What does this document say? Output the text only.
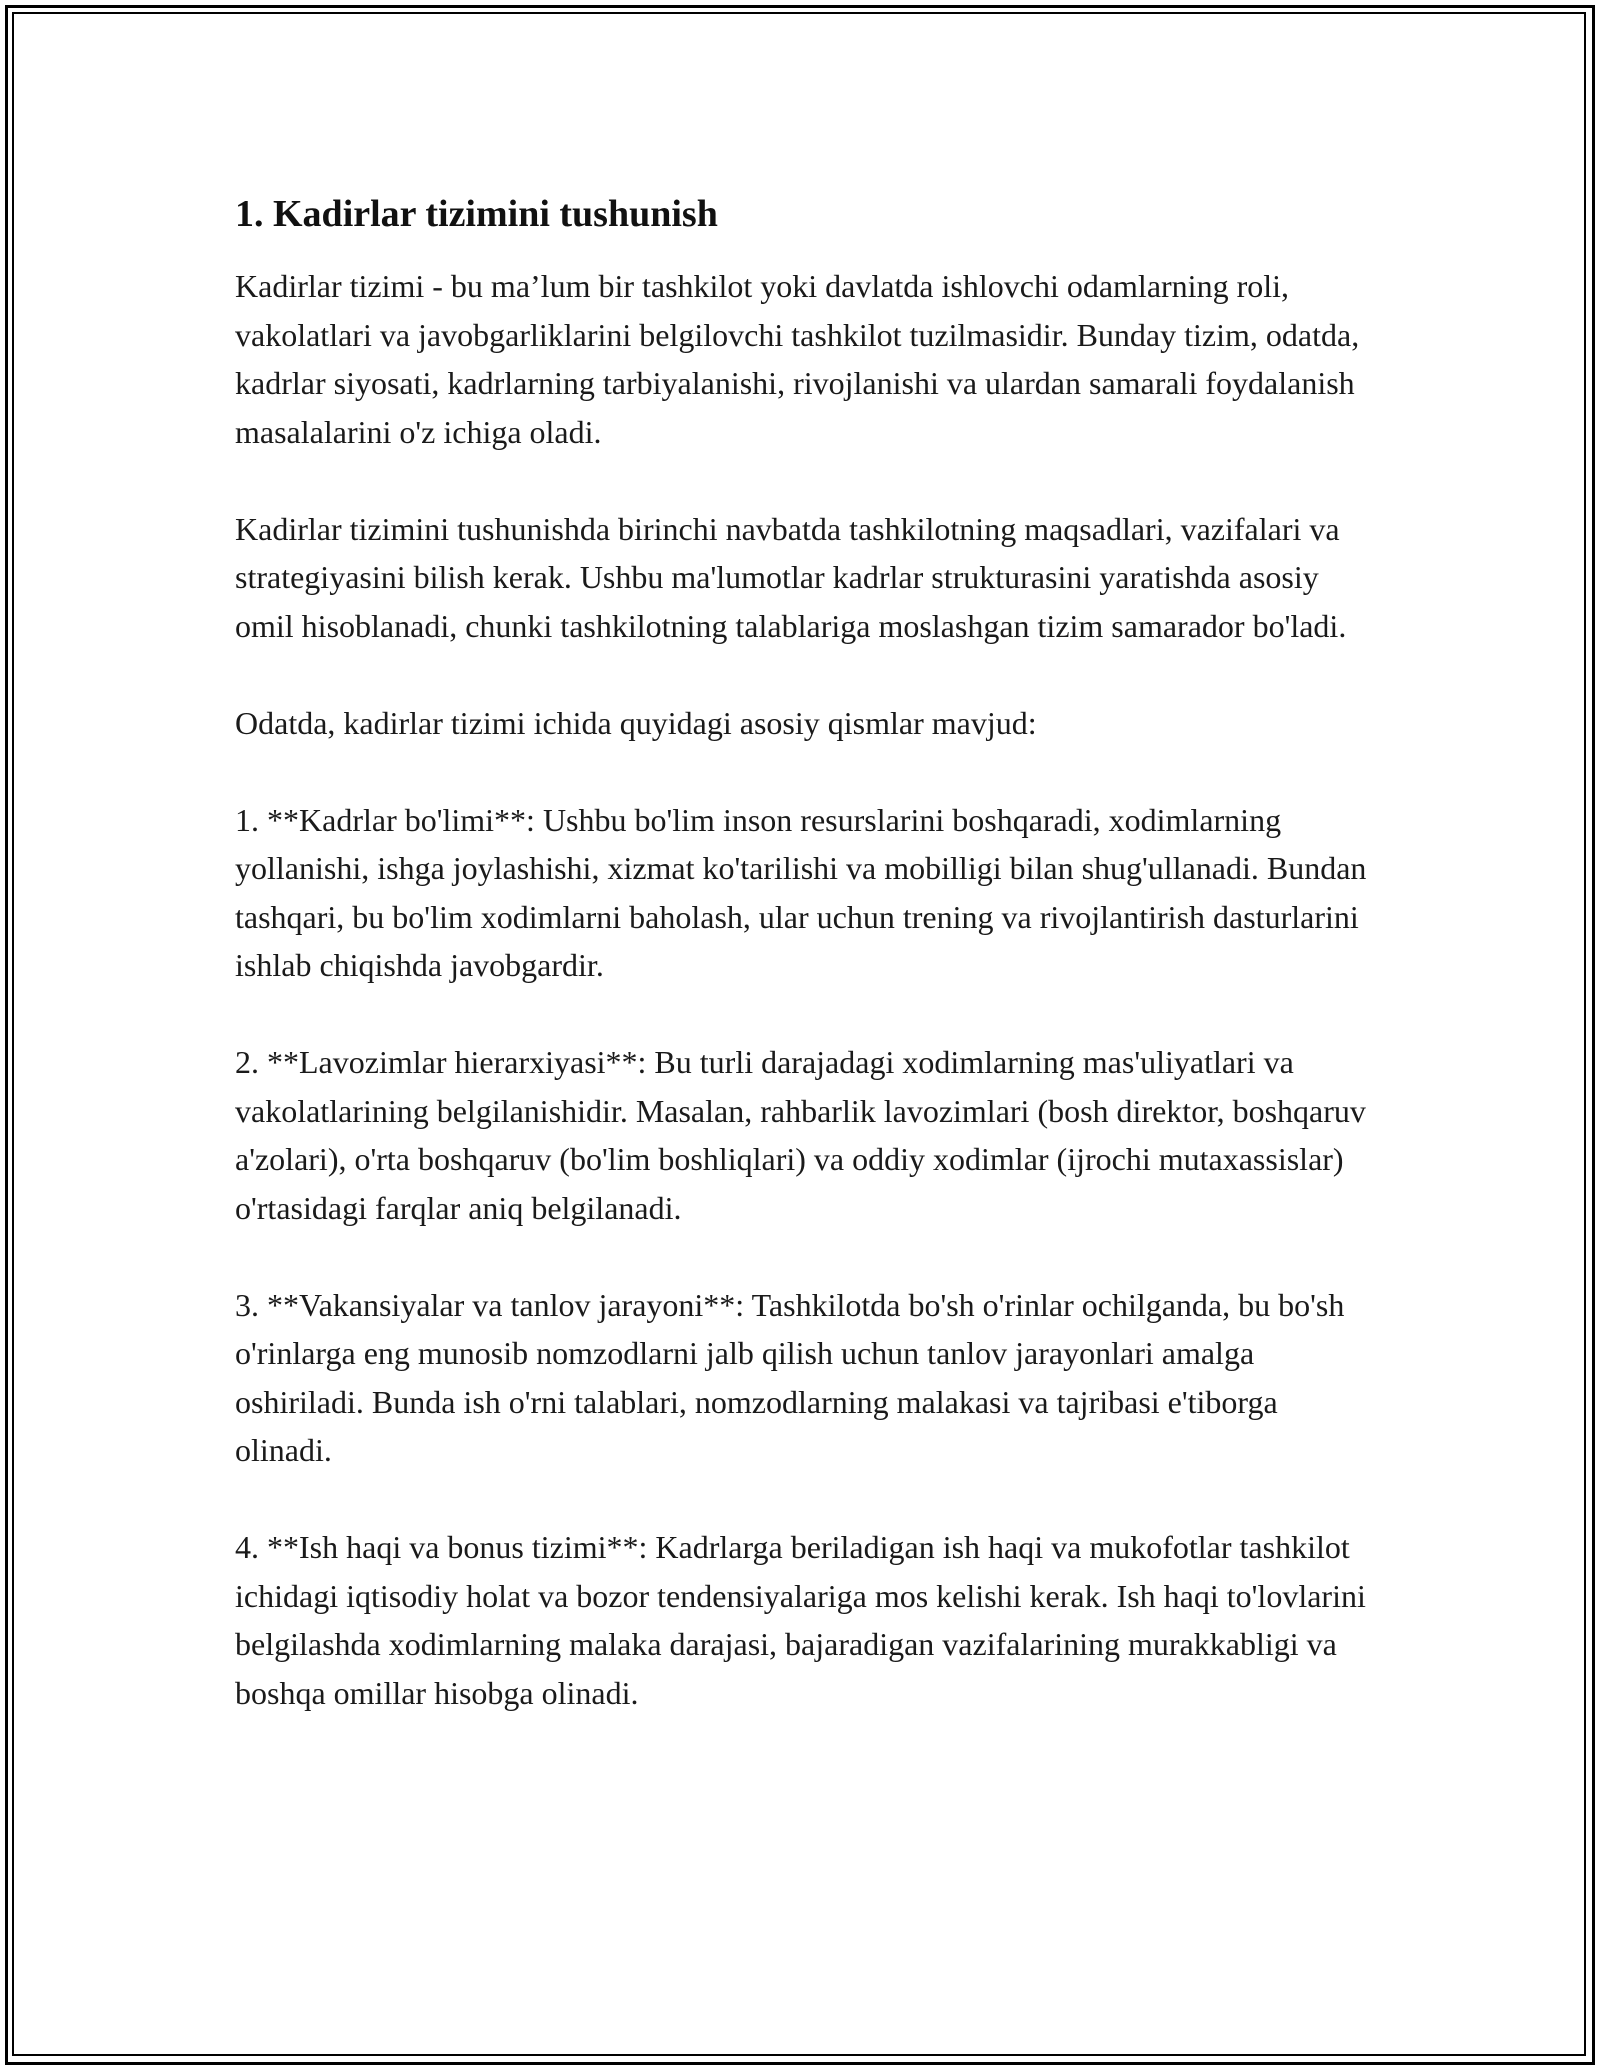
1. Kadirlar tizimini tushunish

Kadirlar tizimi - bu ma’lum bir tashkilot yoki davlatda ishlovchi odamlarning roli, vakolatlari va javobgarliklarini belgilovchi tashkilot tuzilmasidir. Bunday tizim, odatda, kadrlar siyosati, kadrlarning tarbiyalanishi, rivojlanishi va ulardan samarali foydalanish masalalarini o'z ichiga oladi.

Kadirlar tizimini tushunishda birinchi navbatda tashkilotning maqsadlari, vazifalari va strategiyasini bilish kerak. Ushbu ma'lumotlar kadrlar strukturasini yaratishda asosiy omil hisoblanadi, chunki tashkilotning talablariga moslashgan tizim samarador bo'ladi.

Odatda, kadirlar tizimi ichida quyidagi asosiy qismlar mavjud:

1. **Kadrlar bo'limi**: Ushbu bo'lim inson resurslarini boshqaradi, xodimlarning yollanishi, ishga joylashishi, xizmat ko'tarilishi va mobilligi bilan shug'ullanadi. Bundan tashqari, bu bo'lim xodimlarni baholash, ular uchun trening va rivojlantirish dasturlarini ishlab chiqishda javobgardir.

2. **Lavozimlar hierarxiyasi**: Bu turli darajadagi xodimlarning mas'uliyatlari va vakolatlarining belgilanishidir. Masalan, rahbarlik lavozimlari (bosh direktor, boshqaruv a'zolari), o'rta boshqaruv (bo'lim boshliqlari) va oddiy xodimlar (ijrochi mutaxassislar) o'rtasidagi farqlar aniq belgilanadi.

3. **Vakansiyalar va tanlov jarayoni**: Tashkilotda bo'sh o'rinlar ochilganda, bu bo'sh o'rinlarga eng munosib nomzodlarni jalb qilish uchun tanlov jarayonlari amalga oshiriladi. Bunda ish o'rni talablari, nomzodlarning malakasi va tajribasi e'tiborga olinadi.

4. **Ish haqi va bonus tizimi**: Kadrlarga beriladigan ish haqi va mukofotlar tashkilot ichidagi iqtisodiy holat va bozor tendensiyalariga mos kelishi kerak. Ish haqi to'lovlarini belgilashda xodimlarning malaka darajasi, bajaradigan vazifalarining murakkabligi va boshqa omillar hisobga olinadi.
